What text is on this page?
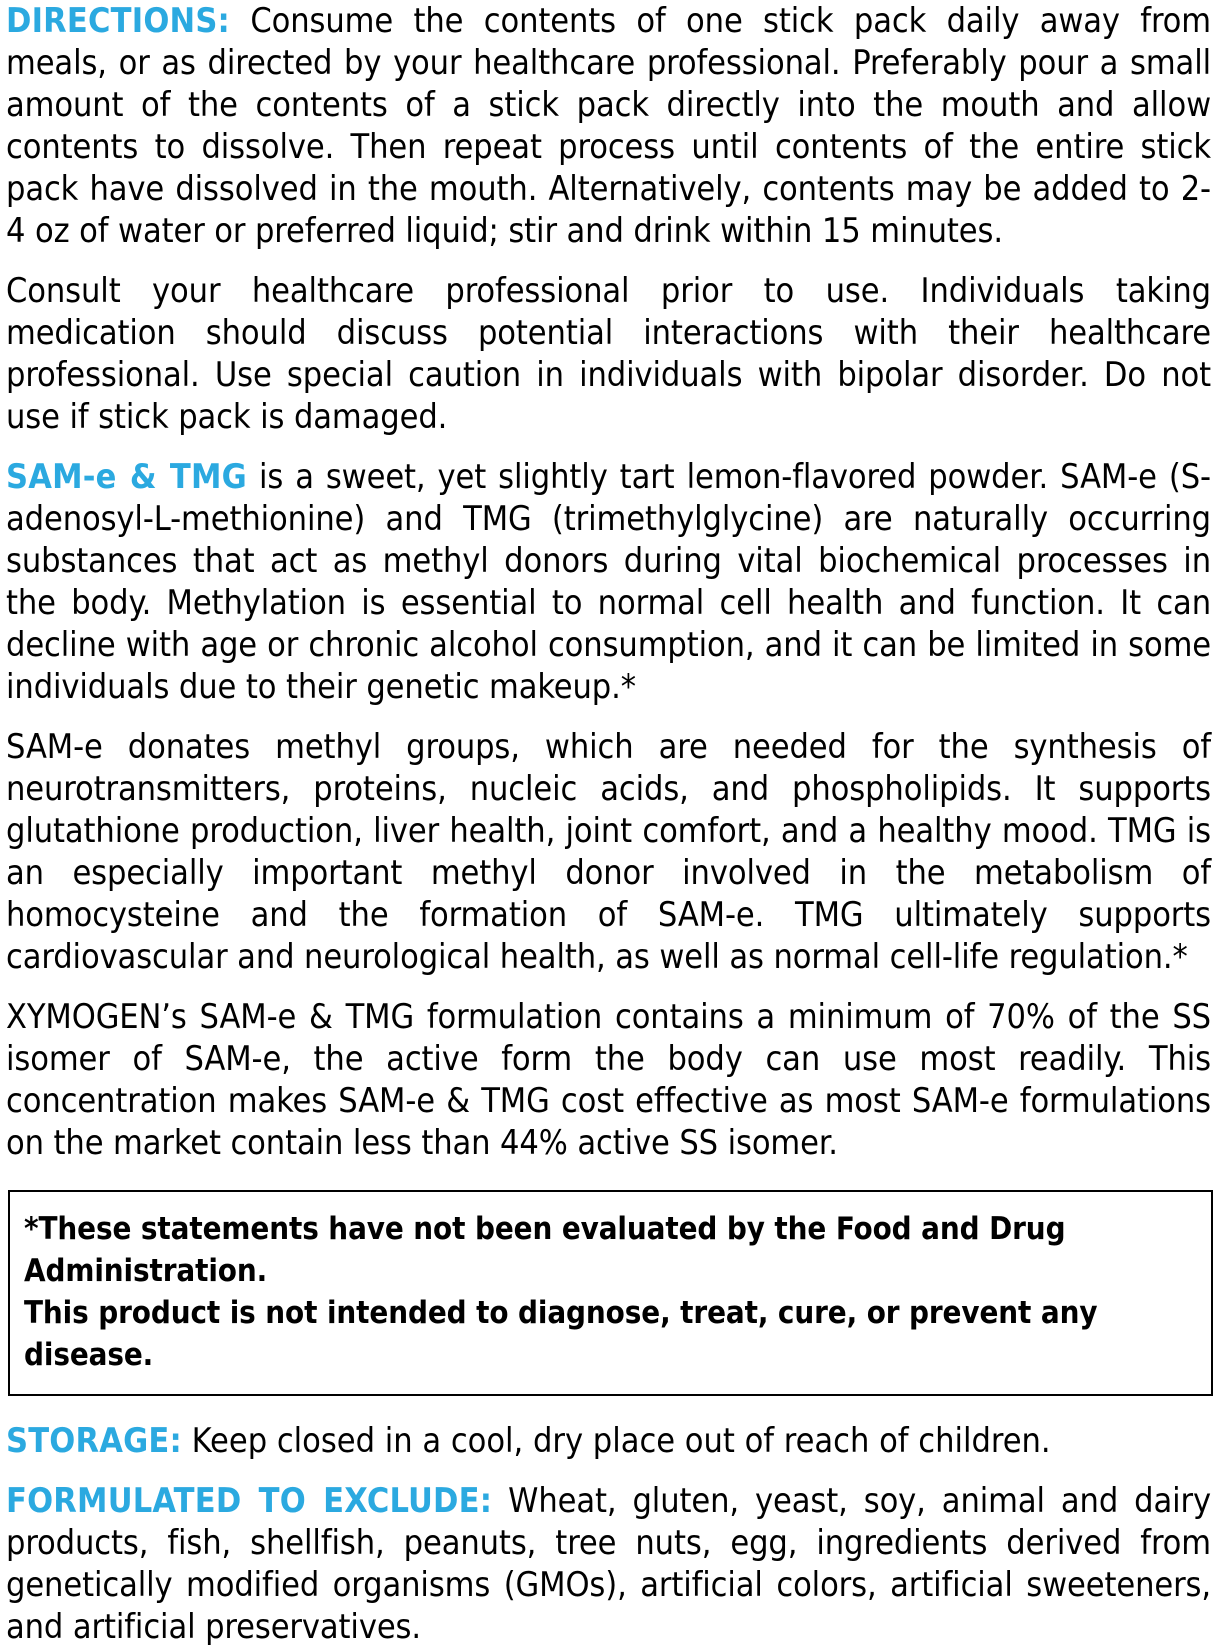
DIRECTIONS: Consume the contents of one stick pack daily away from meals, or as directed by your healthcare professional. Preferably pour a small amount of the contents of a stick pack directly into the mouth and allow contents to dissolve. Then repeat process until contents of the entire stick pack have dissolved in the mouth. Alternatively, contents may be added to 2-4 oz of water or preferred liquid; stir and drink within 15 minutes.

Consult your healthcare professional prior to use. Individuals taking medication should discuss potential interactions with their healthcare professional. Use special caution in individuals with bipolar disorder. Do not use if stick pack is damaged.

SAM-e & TMG is a sweet, yet slightly tart lemon-flavored powder. SAM-e (S-adenosyl-L-methionine) and TMG (trimethylglycine) are naturally occurring substances that act as methyl donors during vital biochemical processes in the body. Methylation is essential to normal cell health and function. It can decline with age or chronic alcohol consumption, and it can be limited in some individuals due to their genetic makeup.*

SAM-e donates methyl groups, which are needed for the synthesis of neurotransmitters, proteins, nucleic acids, and phospholipids. It supports glutathione production, liver health, joint comfort, and a healthy mood. TMG is an especially important methyl donor involved in the metabolism of homocysteine and the formation of SAM-e. TMG ultimately supports cardiovascular and neurological health, as well as normal cell-life regulation.*

XYMOGEN’s SAM-e & TMG formulation contains a minimum of 70% of the SS isomer of SAM-e, the active form the body can use most readily. This concentration makes SAM-e & TMG cost effective as most SAM-e formulations on the market contain less than 44% active SS isomer.

*These statements have not been evaluated by the Food and Drug Administration.
This product is not intended to diagnose, treat, cure, or prevent any disease.

STORAGE: Keep closed in a cool, dry place out of reach of children.

FORMULATED TO EXCLUDE: Wheat, gluten, yeast, soy, animal and dairy products, fish, shellfish, peanuts, tree nuts, egg, ingredients derived from genetically modified organisms (GMOs), artificial colors, artificial sweeteners, and artificial preservatives.
